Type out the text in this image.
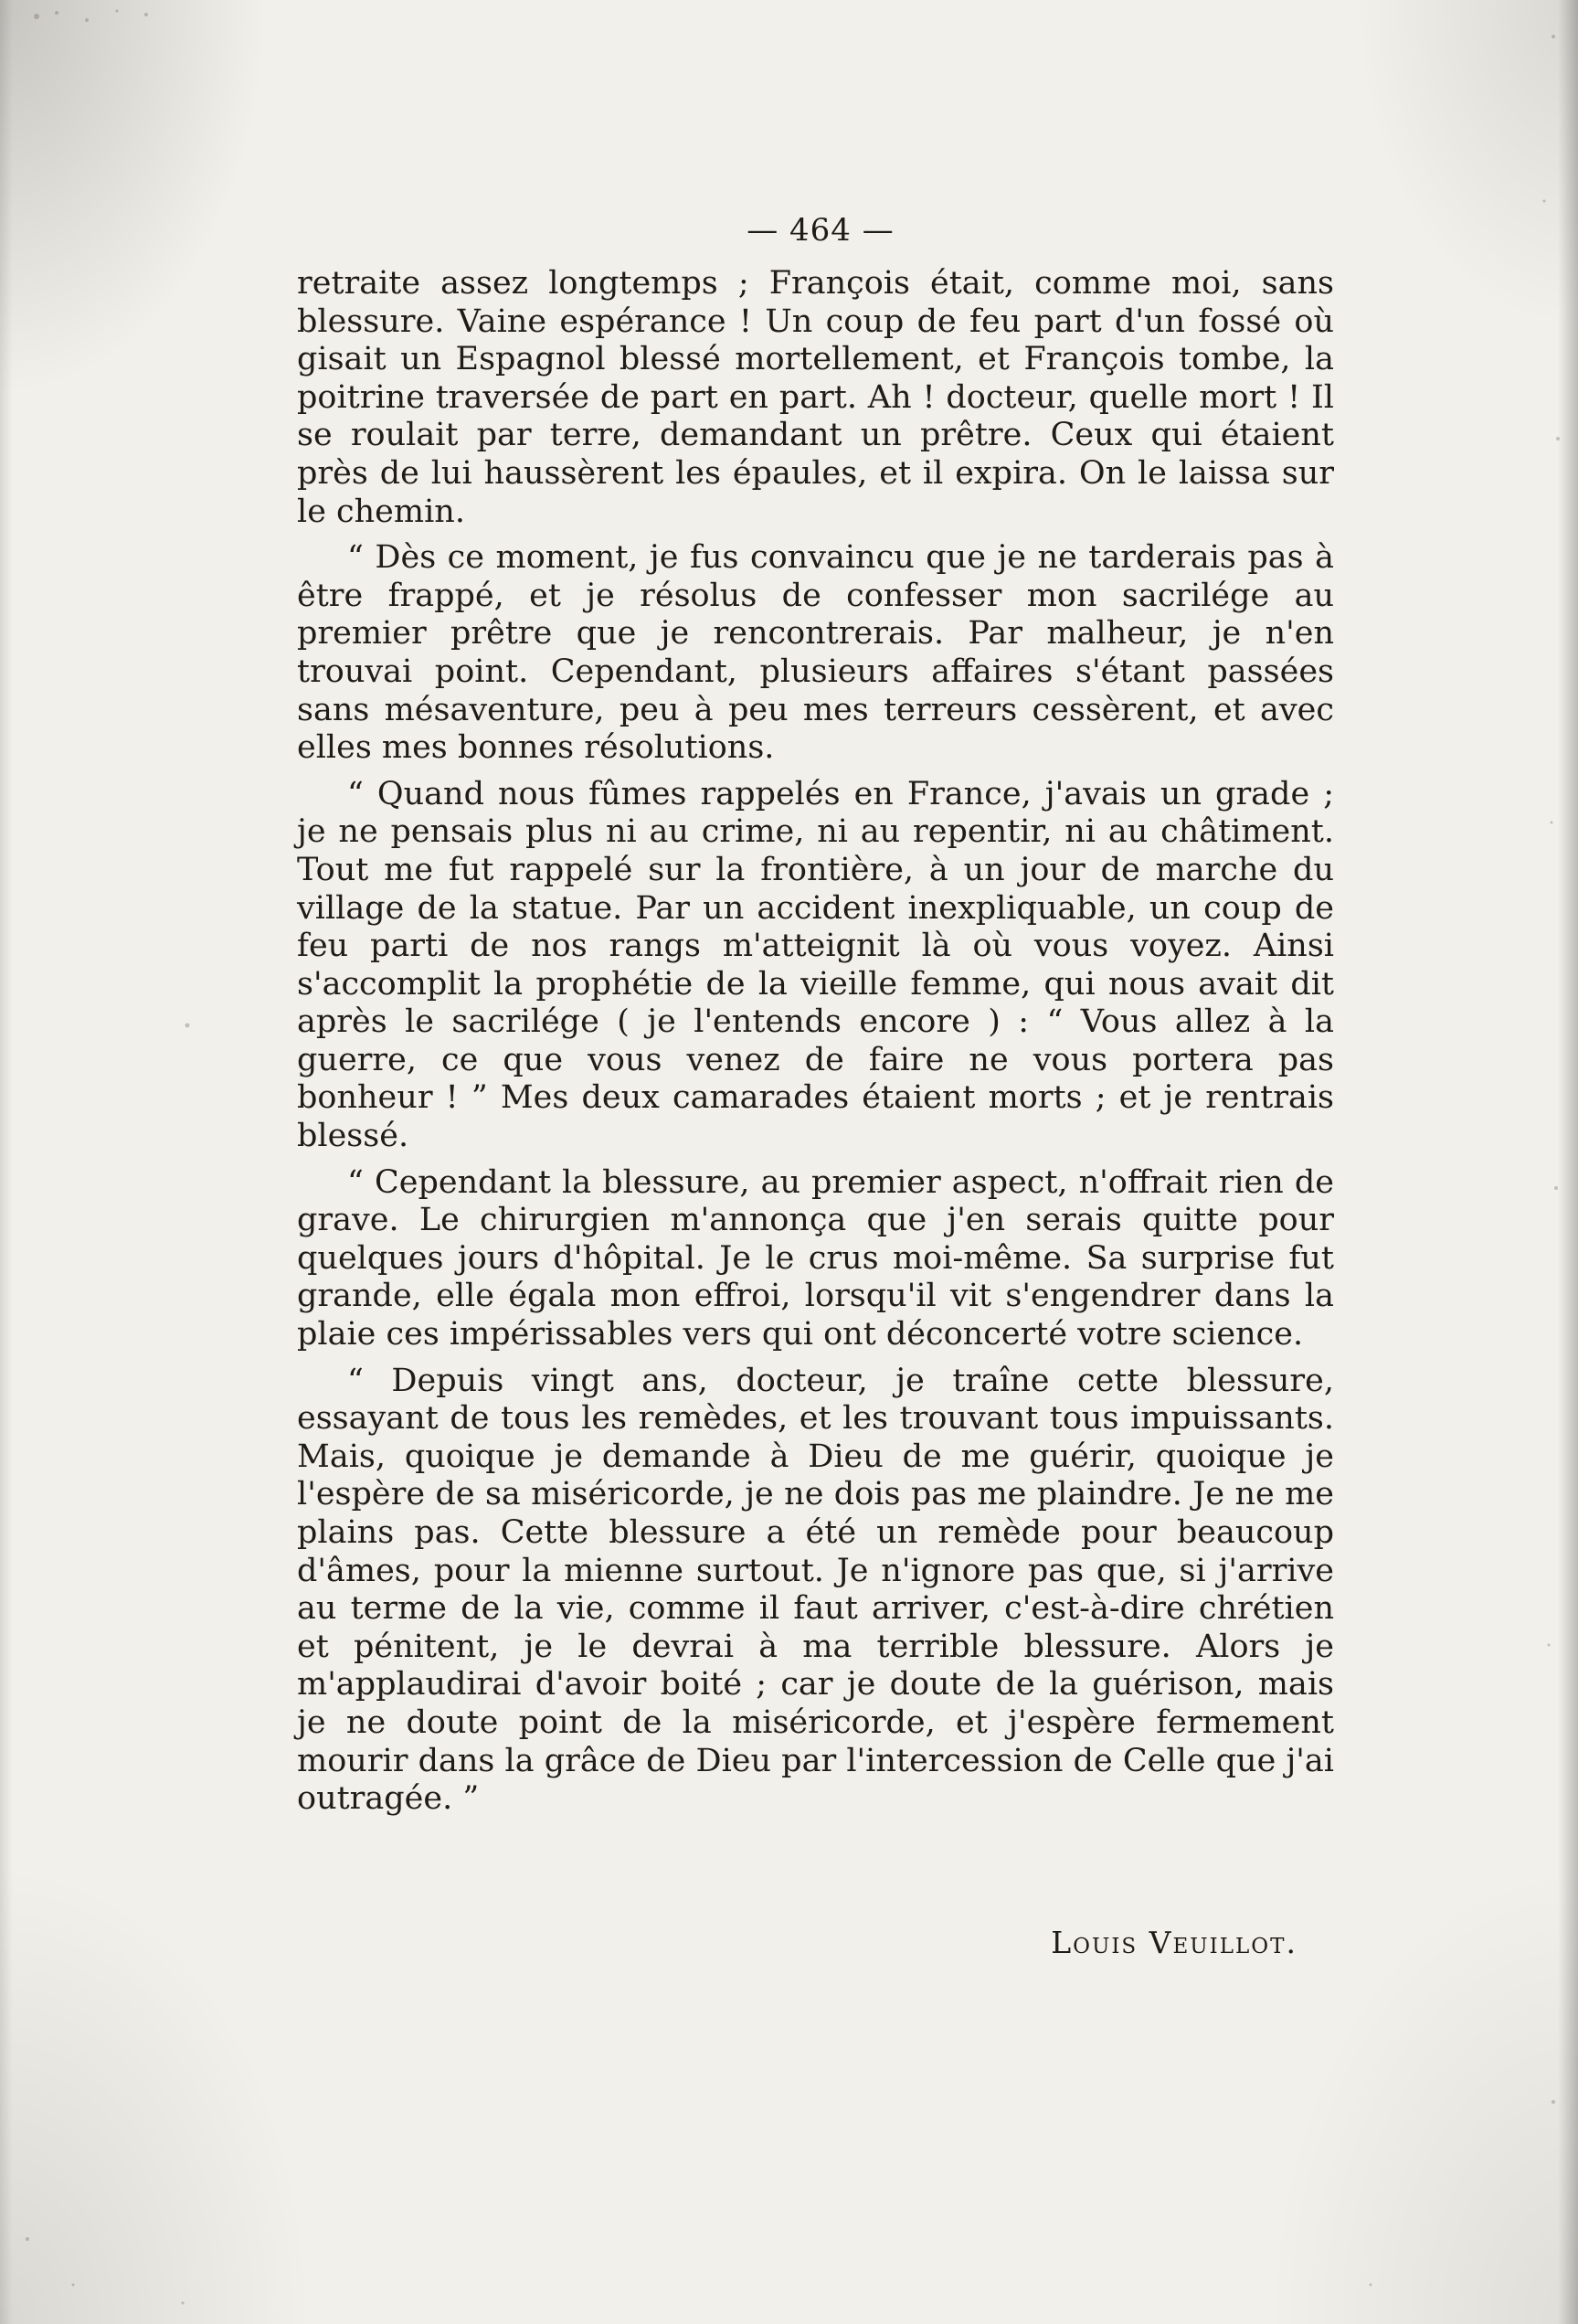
— 464 —

retraite assez longtemps ; François était, comme moi, sans blessure. Vaine espérance ! Un coup de feu part d'un fossé où gisait un Espagnol blessé mortellement, et François tombe, la poitrine traversée de part en part. Ah ! docteur, quelle mort ! Il se roulait par terre, demandant un prêtre. Ceux qui étaient près de lui haussèrent les épaules, et il expira. On le laissa sur le chemin.

“ Dès ce moment, je fus convaincu que je ne tarderais pas à être frappé, et je résolus de confesser mon sacrilége au premier prêtre que je rencontrerais. Par malheur, je n'en trouvai point. Cependant, plusieurs affaires s'étant passées sans mésaventure, peu à peu mes terreurs cessèrent, et avec elles mes bonnes résolutions.

“ Quand nous fûmes rappelés en France, j'avais un grade ; je ne pensais plus ni au crime, ni au repentir, ni au châtiment. Tout me fut rappelé sur la frontière, à un jour de marche du village de la statue. Par un accident inexpliquable, un coup de feu parti de nos rangs m'atteignit là où vous voyez. Ainsi s'accomplit la prophétie de la vieille femme, qui nous avait dit après le sacrilége ( je l'entends encore ) : “ Vous allez à la guerre, ce que vous venez de faire ne vous portera pas bonheur ! ” Mes deux camarades étaient morts ; et je rentrais blessé.

“ Cependant la blessure, au premier aspect, n'offrait rien de grave. Le chirurgien m'annonça que j'en serais quitte pour quelques jours d'hôpital. Je le crus moi-même. Sa surprise fut grande, elle égala mon effroi, lorsqu'il vit s'engendrer dans la plaie ces impérissables vers qui ont déconcerté votre science.

“ Depuis vingt ans, docteur, je traîne cette blessure, essayant de tous les remèdes, et les trouvant tous impuissants. Mais, quoique je demande à Dieu de me guérir, quoique je l'espère de sa miséricorde, je ne dois pas me plaindre. Je ne me plains pas. Cette blessure a été un remède pour beaucoup d'âmes, pour la mienne surtout. Je n'ignore pas que, si j'arrive au terme de la vie, comme il faut arriver, c'est-à-dire chrétien et pénitent, je le devrai à ma terrible blessure. Alors je m'applaudirai d'avoir boité ; car je doute de la guérison, mais je ne doute point de la miséricorde, et j'espère fermement mourir dans la grâce de Dieu par l'intercession de Celle que j'ai outragée. ”

Louis Veuillot.
